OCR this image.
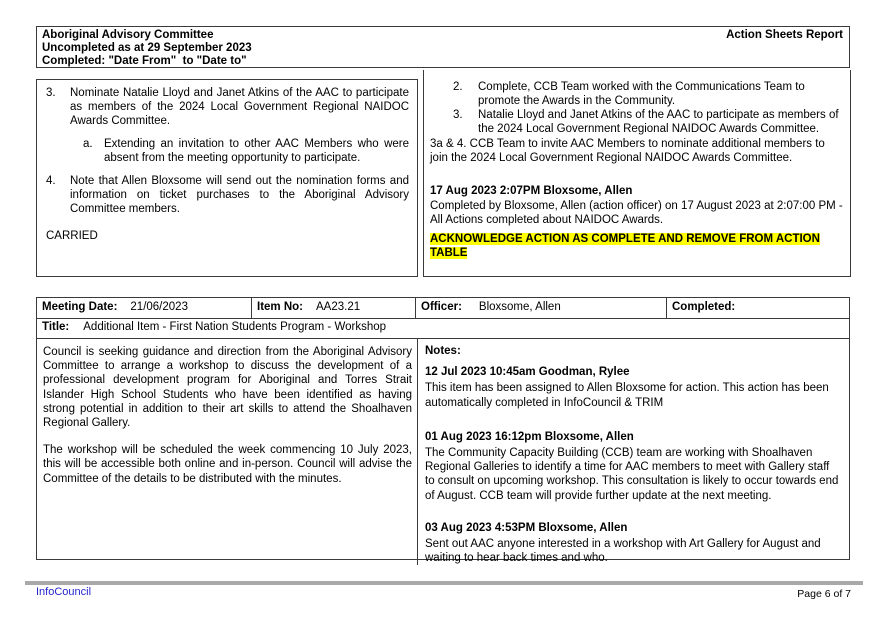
Aboriginal Advisory Committee
Uncompleted as at 29 September 2023
Completed: "Date From"  to "Date to"
Action Sheets Report
3.	Nominate Natalie Lloyd and Janet Atkins of the AAC to participate as members of the 2024 Local Government Regional NAIDOC Awards Committee.
a. Extending an invitation to other AAC Members who were absent from the meeting opportunity to participate.
4.	Note that Allen Bloxsome will send out the nomination forms and information on ticket purchases to the Aboriginal Advisory Committee members.
CARRIED
2.	Complete, CCB Team worked with the Communications Team to promote the Awards in the Community.
3.	Natalie Lloyd and Janet Atkins of the AAC to participate as members of the 2024 Local Government Regional NAIDOC Awards Committee.
3a & 4. CCB Team to invite AAC Members to nominate additional members to join the 2024 Local Government Regional NAIDOC Awards Committee.
17 Aug 2023 2:07PM Bloxsome, Allen
Completed by Bloxsome, Allen (action officer) on 17 August 2023 at 2:07:00 PM - All Actions completed about NAIDOC Awards.
ACKNOWLEDGE ACTION AS COMPLETE AND REMOVE FROM ACTION TABLE
Meeting Date: 21/06/2023	Item No: AA23.21	Officer: Bloxsome, Allen	Completed:
Title: Additional Item - First Nation Students Program - Workshop

Council is seeking guidance and direction from the Aboriginal Advisory Committee to arrange a workshop to discuss the development of a professional development program for Aboriginal and Torres Strait Islander High School Students who have been identified as having strong potential in addition to their art skills to attend the Shoalhaven Regional Gallery.

The workshop will be scheduled the week commencing 10 July 2023, this will be accessible both online and in-person. Council will advise the Committee of the details to be distributed with the minutes.

Notes:
12 Jul 2023 10:45am Goodman, Rylee
This item has been assigned to Allen Bloxsome for action. This action has been automatically completed in InfoCouncil & TRIM
01 Aug 2023 16:12pm Bloxsome, Allen
The Community Capacity Building (CCB) team are working with Shoalhaven Regional Galleries to identify a time for AAC members to meet with Gallery staff to consult on upcoming workshop. This consultation is likely to occur towards end of August. CCB team will provide further update at the next meeting.
03 Aug 2023 4:53PM Bloxsome, Allen
Sent out AAC anyone interested in a workshop with Art Gallery for August and waiting to hear back times and who.
InfoCouncil	Page 6 of 7
